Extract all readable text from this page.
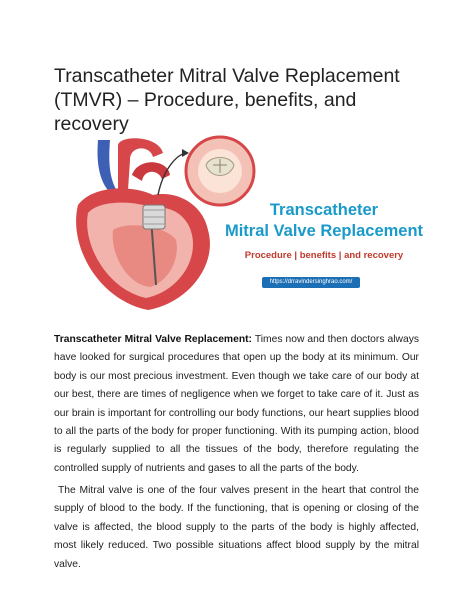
Transcatheter Mitral Valve Replacement (TMVR) – Procedure, benefits, and recovery
Transcatheter
Mitral Valve Replacement
Procedure | benefits | and recovery
https://drravindersinghrao.com/

Transcatheter Mitral Valve Replacement: Times now and then doctors always have looked for surgical procedures that open up the body at its minimum. Our body is our most precious investment. Even though we take care of our body at our best, there are times of negligence when we forget to take care of it. Just as our brain is important for controlling our body functions, our heart supplies blood to all the parts of the body for proper functioning. With its pumping action, blood is regularly supplied to all the tissues of the body, therefore regulating the controlled supply of nutrients and gases to all the parts of the body.

The Mitral valve is one of the four valves present in the heart that control the supply of blood to the body. If the functioning, that is opening or closing of the valve is affected, the blood supply to the parts of the body is highly affected, most likely reduced. Two possible situations affect blood supply by the mitral valve.
